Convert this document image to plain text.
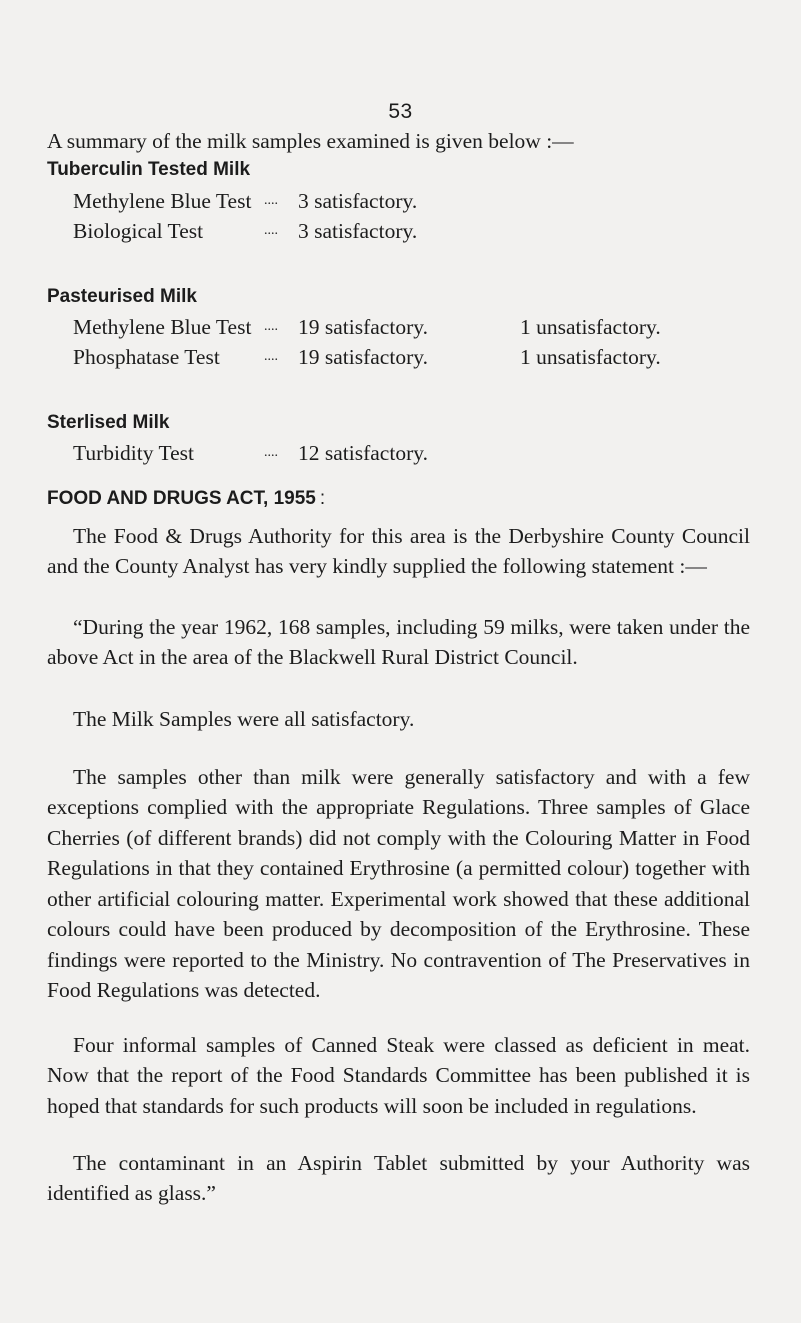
53
A summary of the milk samples examined is given below :—
Tuberculin Tested Milk
Methylene Blue Test .... 3 satisfactory.
Biological Test	.... 3 satisfactory.
Pasteurised Milk
Methylene Blue Test .... 19 satisfactory.	1 unsatisfactory.
Phosphatase Test	.... 19 satisfactory.	1 unsatisfactory.
Sterlised Milk
Turbidity Test	.... 12 satisfactory.
FOOD AND DRUGS ACT, 1955 :

The Food & Drugs Authority for this area is the Derbyshire County Council and the County Analyst has very kindly supplied the following statement :—

“During the year 1962, 168 samples, including 59 milks, were taken under the above Act in the area of the Blackwell Rural District Council.

The Milk Samples were all satisfactory.

The samples other than milk were generally satisfactory and with a few exceptions complied with the appropriate Regulations. Three samples of Glace Cherries (of different brands) did not comply with the Colouring Matter in Food Regulations in that they contained Erythrosine (a permitted colour) together with other artificial colouring matter. Experimental work showed that these additional colours could have been produced by decomposition of the Erythrosine. These findings were reported to the Ministry. No contravention of The Preservatives in Food Regulations was detected.

Four informal samples of Canned Steak were classed as deficient in meat. Now that the report of the Food Standards Committee has been published it is hoped that standards for such products will soon be included in regulations.

The contaminant in an Aspirin Tablet submitted by your Authority was identified as glass.”
